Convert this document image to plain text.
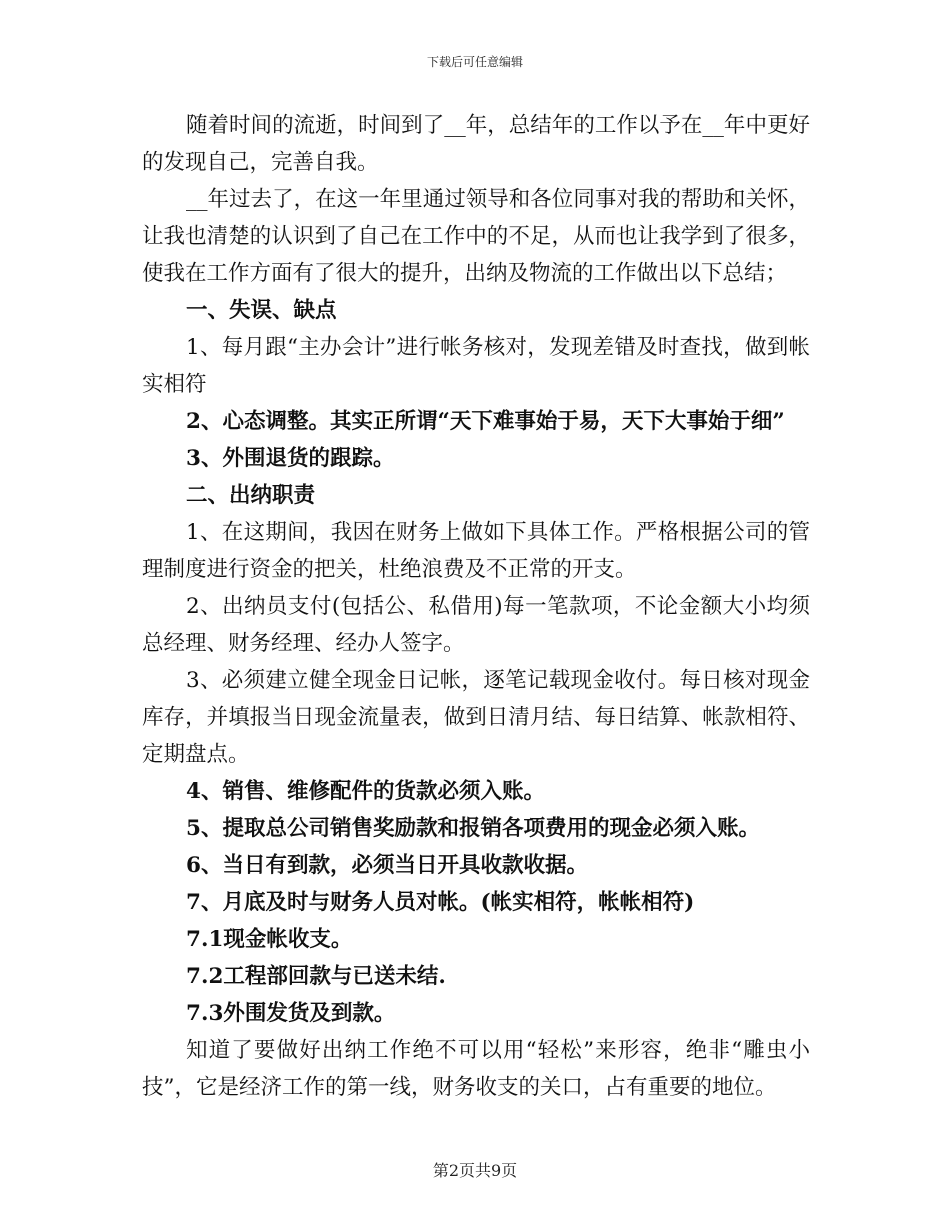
下载后可任意编辑

随着时间的流逝，时间到了__年，总结年的工作以予在__年中更好的发现自己，完善自我。

__年过去了，在这一年里通过领导和各位同事对我的帮助和关怀，让我也清楚的认识到了自己在工作中的不足，从而也让我学到了很多，使我在工作方面有了很大的提升，出纳及物流的工作做出以下总结；

一、失误、缺点

1、每月跟“主办会计”进行帐务核对，发现差错及时查找，做到帐实相符

2、心态调整。其实正所谓“天下难事始于易，天下大事始于细”

3、外围退货的跟踪。

二、出纳职责

1、在这期间，我因在财务上做如下具体工作。严格根据公司的管理制度进行资金的把关，杜绝浪费及不正常的开支。

2、出纳员支付(包括公、私借用)每一笔款项，不论金额大小均须总经理、财务经理、经办人签字。

3、必须建立健全现金日记帐，逐笔记载现金收付。每日核对现金库存，并填报当日现金流量表，做到日清月结、每日结算、帐款相符、定期盘点。

4、销售、维修配件的货款必须入账。

5、提取总公司销售奖励款和报销各项费用的现金必须入账。

6、当日有到款，必须当日开具收款收据。

7、月底及时与财务人员对帐。(帐实相符，帐帐相符)

7.1现金帐收支。

7.2工程部回款与已送未结.

7.3外围发货及到款。

知道了要做好出纳工作绝不可以用“轻松”来形容，绝非“雕虫小技”，它是经济工作的第一线，财务收支的关口，占有重要的地位。

第2页共9页
